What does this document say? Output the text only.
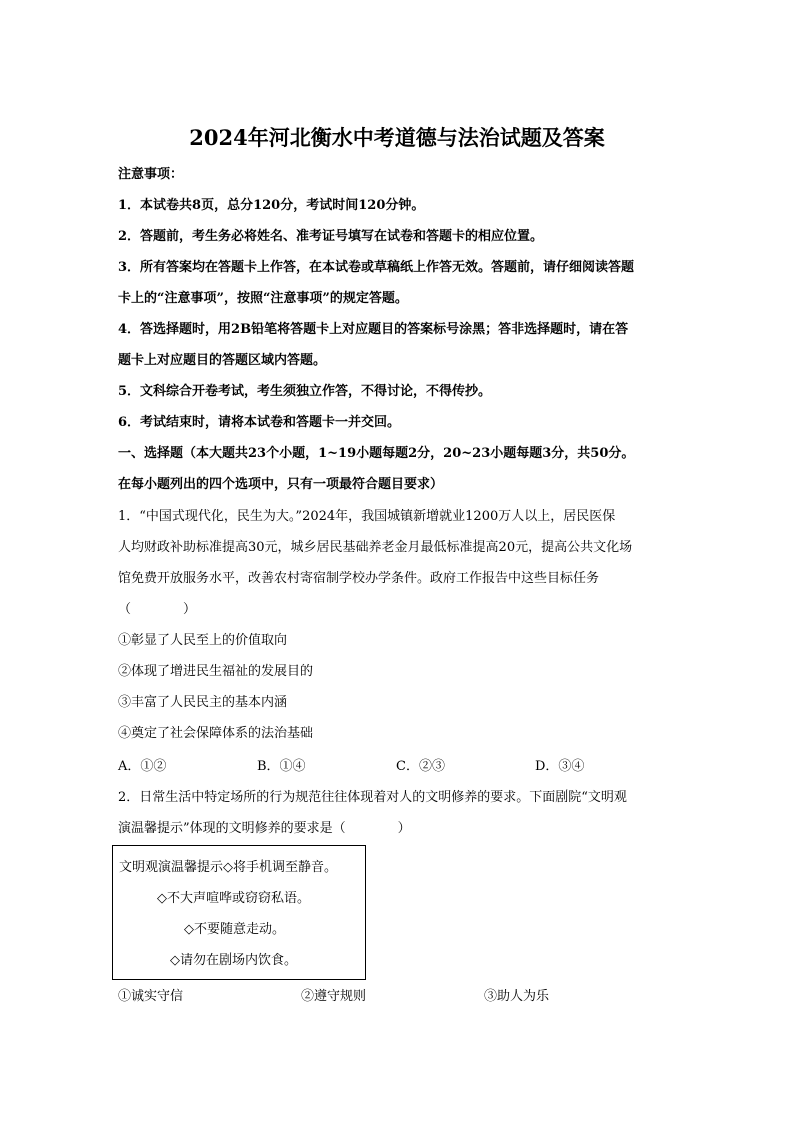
2024年河北衡水中考道德与法治试题及答案
注意事项：
1．本试卷共8页，总分120分，考试时间120分钟。
2．答题前，考生务必将姓名、准考证号填写在试卷和答题卡的相应位置。
3．所有答案均在答题卡上作答，在本试卷或草稿纸上作答无效。答题前，请仔细阅读答题
卡上的“注意事项”，按照“注意事项”的规定答题。
4．答选择题时，用2B铅笔将答题卡上对应题目的答案标号涂黑；答非选择题时，请在答
题卡上对应题目的答题区域内答题。
5．文科综合开卷考试，考生须独立作答，不得讨论，不得传抄。
6．考试结束时，请将本试卷和答题卡一并交回。
一、选择题（本大题共23个小题，1~19小题每题2分，20~23小题每题3分，共50分。
在每小题列出的四个选项中，只有一项最符合题目要求）
1．“中国式现代化，民生为大。”2024年，我国城镇新增就业1200万人以上，居民医保
人均财政补助标准提高30元，城乡居民基础养老金月最低标准提高20元，提高公共文化场
馆免费开放服务水平，改善农村寄宿制学校办学条件。政府工作报告中这些目标任务
（　　　　）
①彰显了人民至上的价值取向
②体现了增进民生福祉的发展目的
③丰富了人民民主的基本内涵
④奠定了社会保障体系的法治基础
A．①②	B．①④	C．②③	D．③④
2．日常生活中特定场所的行为规范往往体现着对人的文明修养的要求。下面剧院“文明观
演温馨提示”体现的文明修养的要求是（　　　　）
文明观演温馨提示◇将手机调至静音。
◇不大声喧哗或窃窃私语。
◇不要随意走动。
◇请勿在剧场内饮食。
①诚实守信	②遵守规则	③助人为乐
